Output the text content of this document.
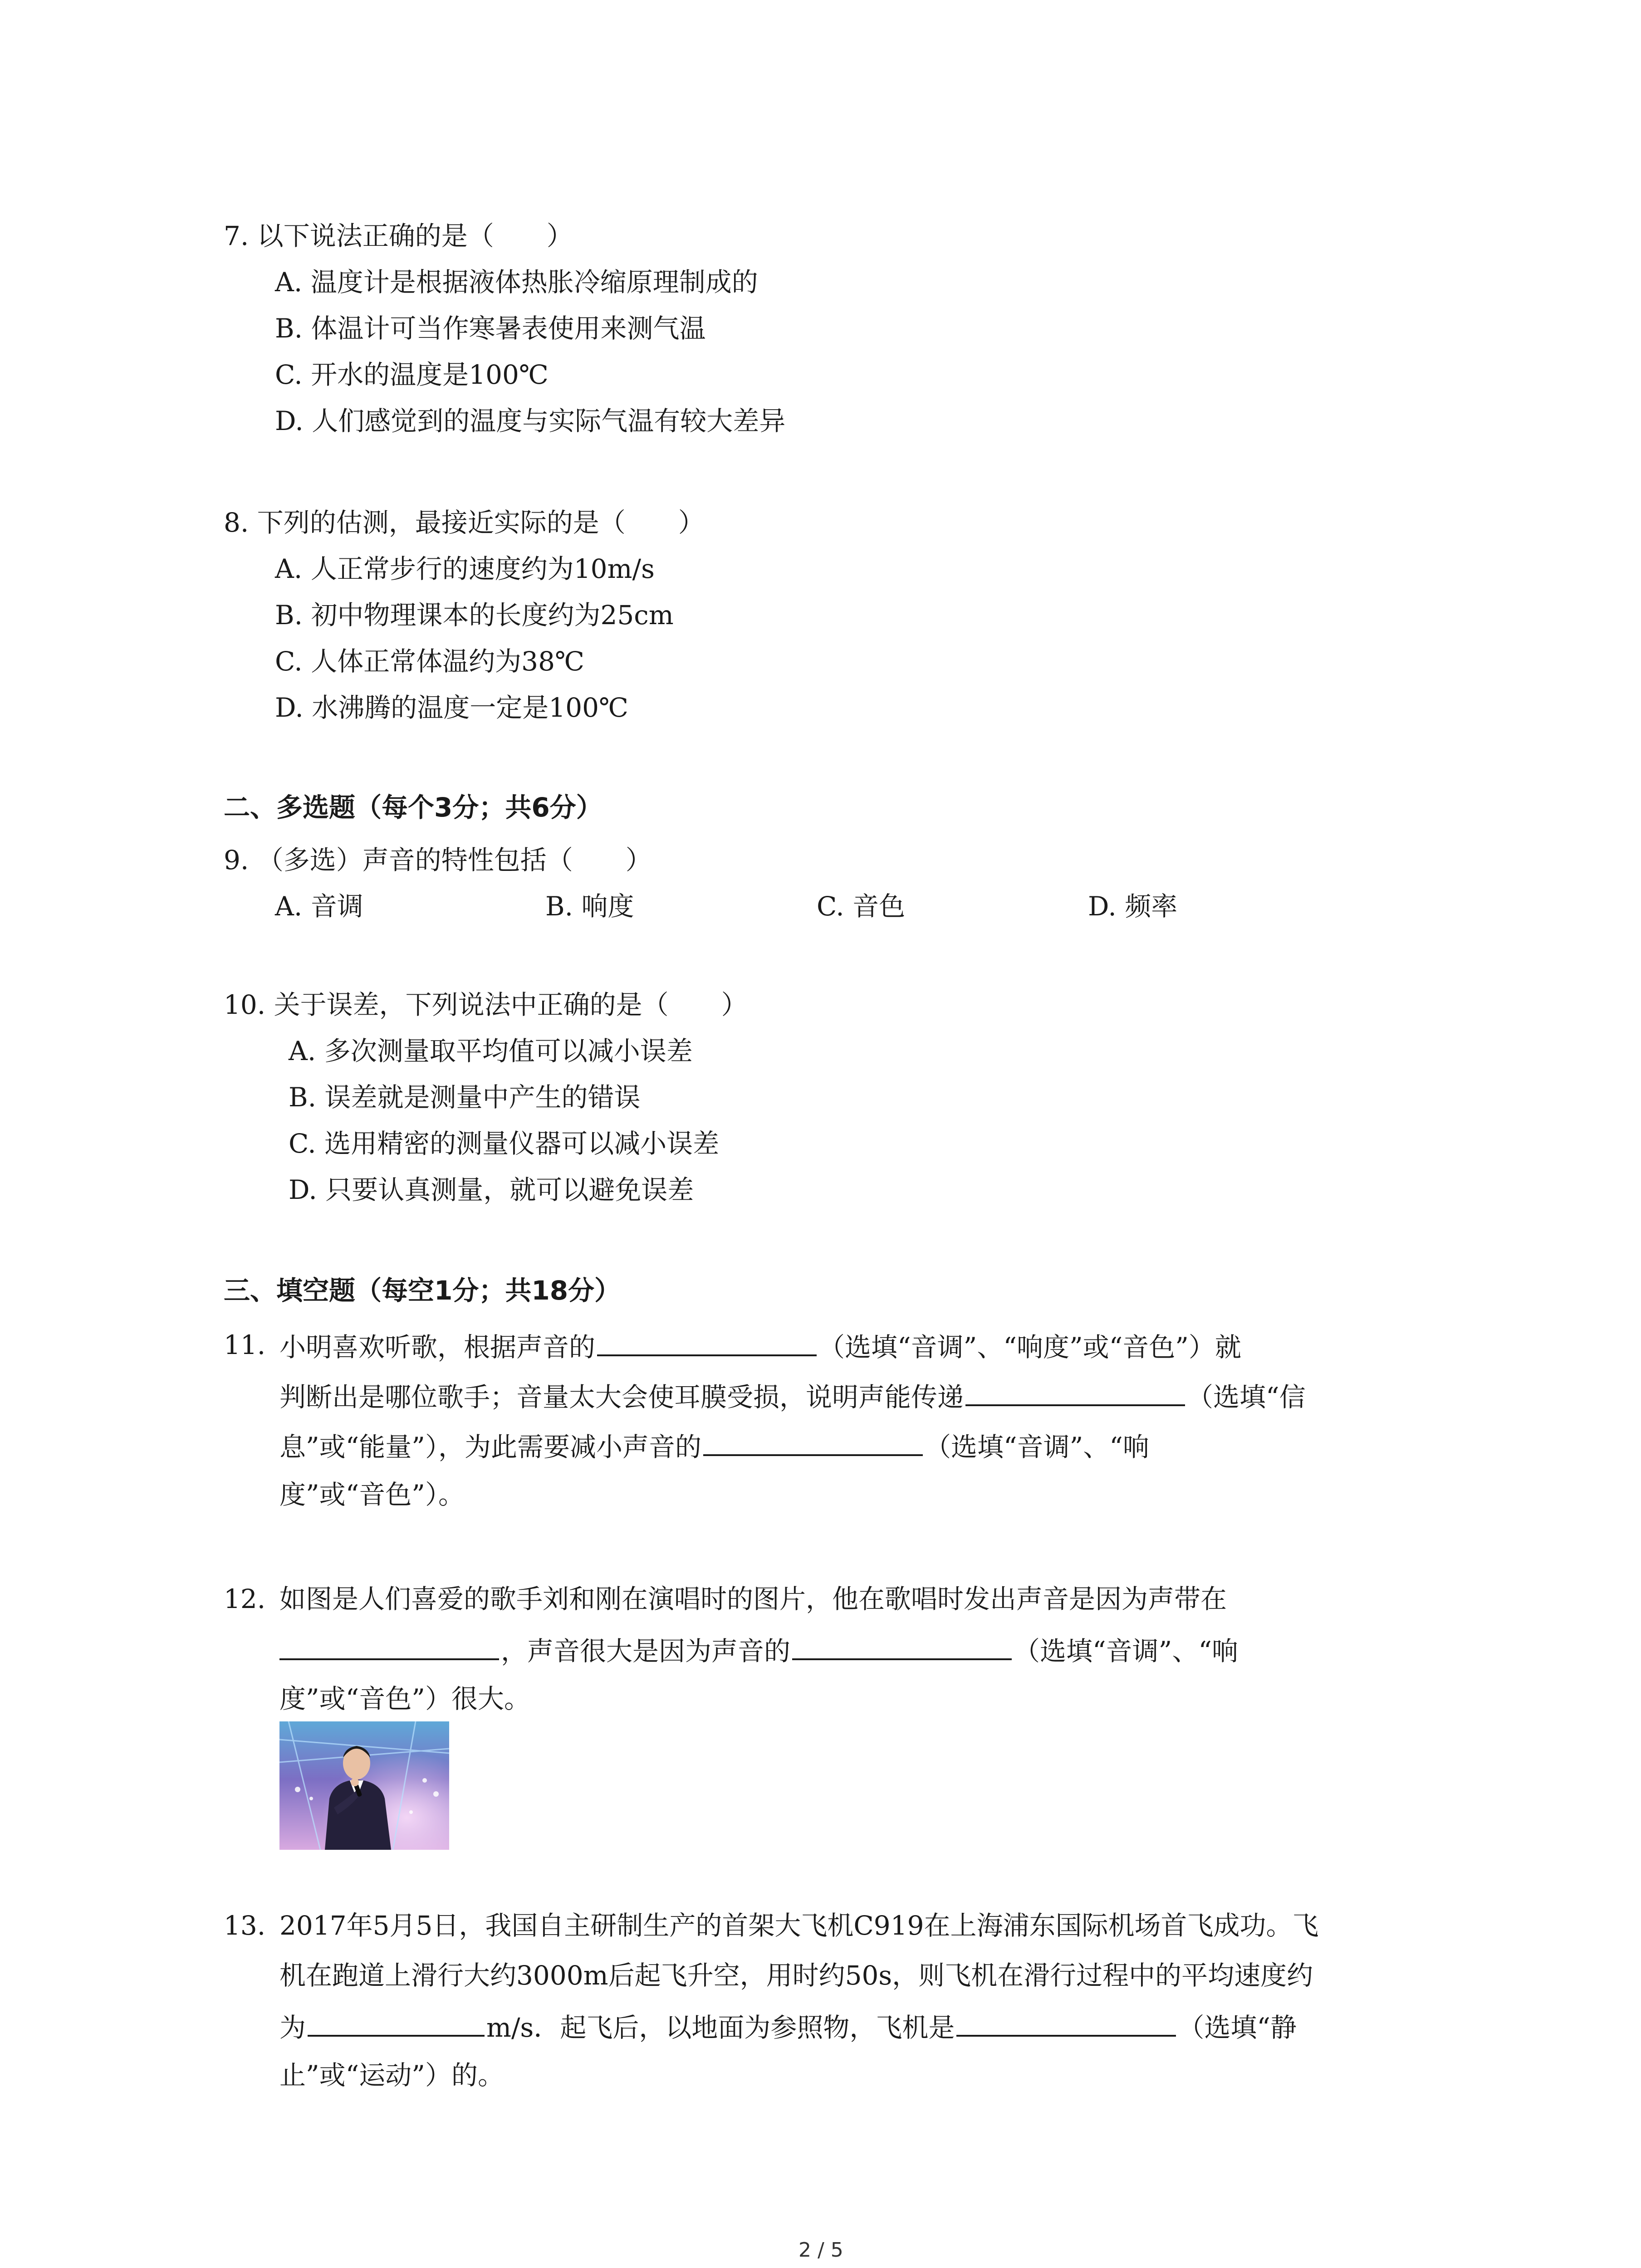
7. 以下说法正确的是（　　）
A. 温度计是根据液体热胀冷缩原理制成的
B. 体温计可当作寒暑表使用来测气温
C. 开水的温度是100℃
D. 人们感觉到的温度与实际气温有较大差异
8. 下列的估测，最接近实际的是（　　）
A. 人正常步行的速度约为10m/s
B. 初中物理课本的长度约为25cm
C. 人体正常体温约为38℃
D. 水沸腾的温度一定是100℃
二、多选题（每个3分；共6分）
9. （多选）声音的特性包括（　　）
A. 音调	B. 响度	C. 音色	D. 频率
10. 关于误差，下列说法中正确的是（　　）
A. 多次测量取平均值可以减小误差
B. 误差就是测量中产生的错误
C. 选用精密的测量仪器可以减小误差
D. 只要认真测量，就可以避免误差
三、填空题（每空1分；共18分）
11. 小明喜欢听歌，根据声音的	（选填“音调”、“响度”或“音色”）就
判断出是哪位歌手；音量太大会使耳膜受损，说明声能传递	（选填“信
息”或“能量”），为此需要减小声音的	（选填“音调”、“响
度”或“音色”）。
12. 如图是人们喜爱的歌手刘和刚在演唱时的图片，他在歌唱时发出声音是因为声带在
，声音很大是因为声音的	（选填“音调”、“响
度”或“音色”）很大。
13. 2017年5月5日，我国自主研制生产的首架大飞机C919在上海浦东国际机场首飞成功。飞
机在跑道上滑行大约3000m后起飞升空，用时约50s，则飞机在滑行过程中的平均速度约
为	m/s．起飞后，以地面为参照物，飞机是	（选填“静
止”或“运动”）的。
2 / 5
